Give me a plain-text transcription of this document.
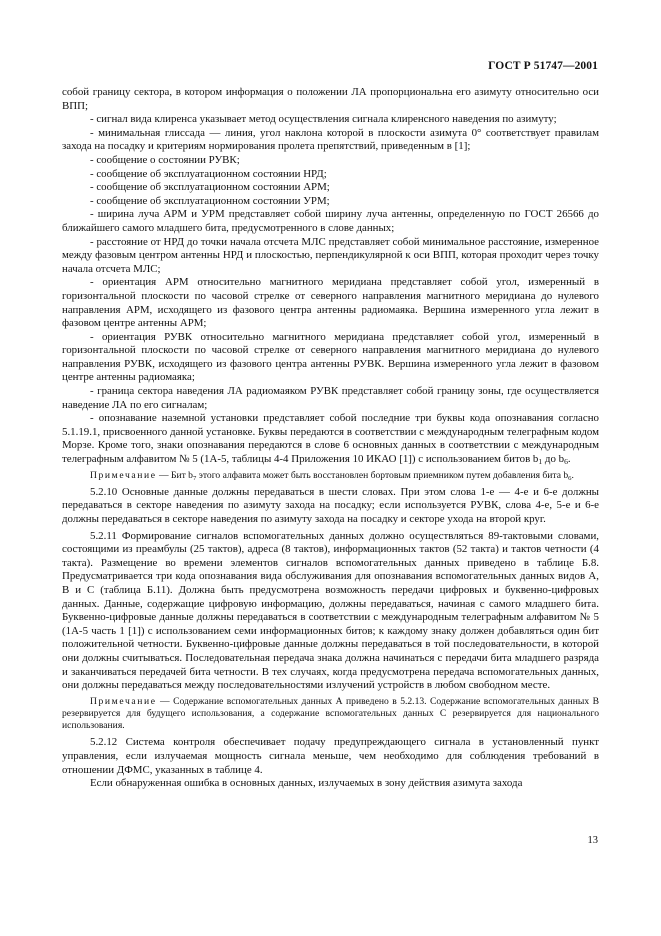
ГОСТ Р 51747—2001

собой границу сектора, в котором информация о положении ЛА пропорциональна его азимуту относительно оси ВПП;

- сигнал вида клиренса указывает метод осуществления сигнала клиренсного наведения по азимуту;

- минимальная глиссада — линия, угол наклона которой в плоскости азимута 0° соответствует правилам захода на посадку и критериям нормирования пролета препятствий, приведенным в [1];

- сообщение о состоянии РУВК;

- сообщение об эксплуатационном состоянии НРД;

- сообщение об эксплуатационном состоянии АРМ;

- сообщение об эксплуатационном состоянии УРМ;

- ширина луча АРМ и УРМ представляет собой ширину луча антенны, определенную по ГОСТ 26566 до ближайшего самого младшего бита, предусмотренного в слове данных;

- расстояние от НРД до точки начала отсчета МЛС представляет собой минимальное расстояние, измеренное между фазовым центром антенны НРД и плоскостью, перпендикулярной к оси ВПП, которая проходит через точку начала отсчета МЛС;

- ориентация АРМ относительно магнитного меридиана представляет собой угол, измеренный в горизонтальной плоскости по часовой стрелке от северного направления магнитного меридиана до нулевого направления АРМ, исходящего из фазового центра антенны радиомаяка. Вершина измеренного угла лежит в фазовом центре антенны АРМ;

- ориентация РУВК относительно магнитного меридиана представляет собой угол, измеренный в горизонтальной плоскости по часовой стрелке от северного направления магнитного меридиана до нулевого направления РУВК, исходящего из фазового центра антенны РУВК. Вершина измеренного угла лежит в фазовом центре антенны радиомаяка;

- граница сектора наведения ЛА радиомаяком РУВК представляет собой границу зоны, где осуществляется наведение ЛА по его сигналам;

- опознавание наземной установки представляет собой последние три буквы кода опознавания согласно 5.1.19.1, присвоенного данной установке. Буквы передаются в соответствии с международным телеграфным кодом Морзе. Кроме того, знаки опознавания передаются в слове 6 основных данных в соответствии с международным телеграфным алфавитом № 5 (1А-5, таблицы 4-4 Приложения 10 ИКАО [1]) с использованием битов $b_1$ до $b_6$.

Примечание — Бит $b_7$ этого алфавита может быть восстановлен бортовым приемником путем добавления бита $b_6$.

5.2.10 Основные данные должны передаваться в шести словах. При этом слова 1-е — 4-е и 6-е должны передаваться в секторе наведения по азимуту захода на посадку; если используется РУВК, слова 4-е, 5-е и 6-е должны передаваться в секторе наведения по азимуту захода на посадку и секторе ухода на второй круг.

5.2.11 Формирование сигналов вспомогательных данных должно осуществляться 89-тактовыми словами, состоящими из преамбулы (25 тактов), адреса (8 тактов), информационных тактов (52 такта) и тактов четности (4 такта). Размещение во времени элементов сигналов вспомогательных данных приведено в таблице Б.8. Предусматривается три кода опознавания вида обслуживания для опознавания вспомогательных данных видов А, В и С (таблица Б.11). Должна быть предусмотрена возможность передачи цифровых и буквенно-цифровых данных. Данные, содержащие цифровую информацию, должны передаваться, начиная с самого младшего бита. Буквенно-цифровые данные должны передаваться в соответствии с международным телеграфным алфавитом № 5 (1А-5 часть 1 [1]) с использованием семи информационных битов; к каждому знаку должен добавляться один бит положительной четности. Буквенно-цифровые данные должны передаваться в той последовательности, в которой они должны считываться. Последовательная передача знака должна начинаться с передачи бита младшего разряда и заканчиваться передачей бита четности. В тех случаях, когда предусмотрена передача вспомогательных данных, они должны передаваться между последовательностями излучений устройств в любом свободном месте.

Примечание — Содержание вспомогательных данных А приведено в 5.2.13. Содержание вспомогательных данных В резервируется для будущего использования, а содержание вспомогательных данных С резервируется для национального использования.

5.2.12 Система контроля обеспечивает подачу предупреждающего сигнала в установленный пункт управления, если излучаемая мощность сигнала меньше, чем необходимо для соблюдения требований в отношении ДФМС, указанных в таблице 4.

Если обнаруженная ошибка в основных данных, излучаемых в зону действия азимута захода

13
